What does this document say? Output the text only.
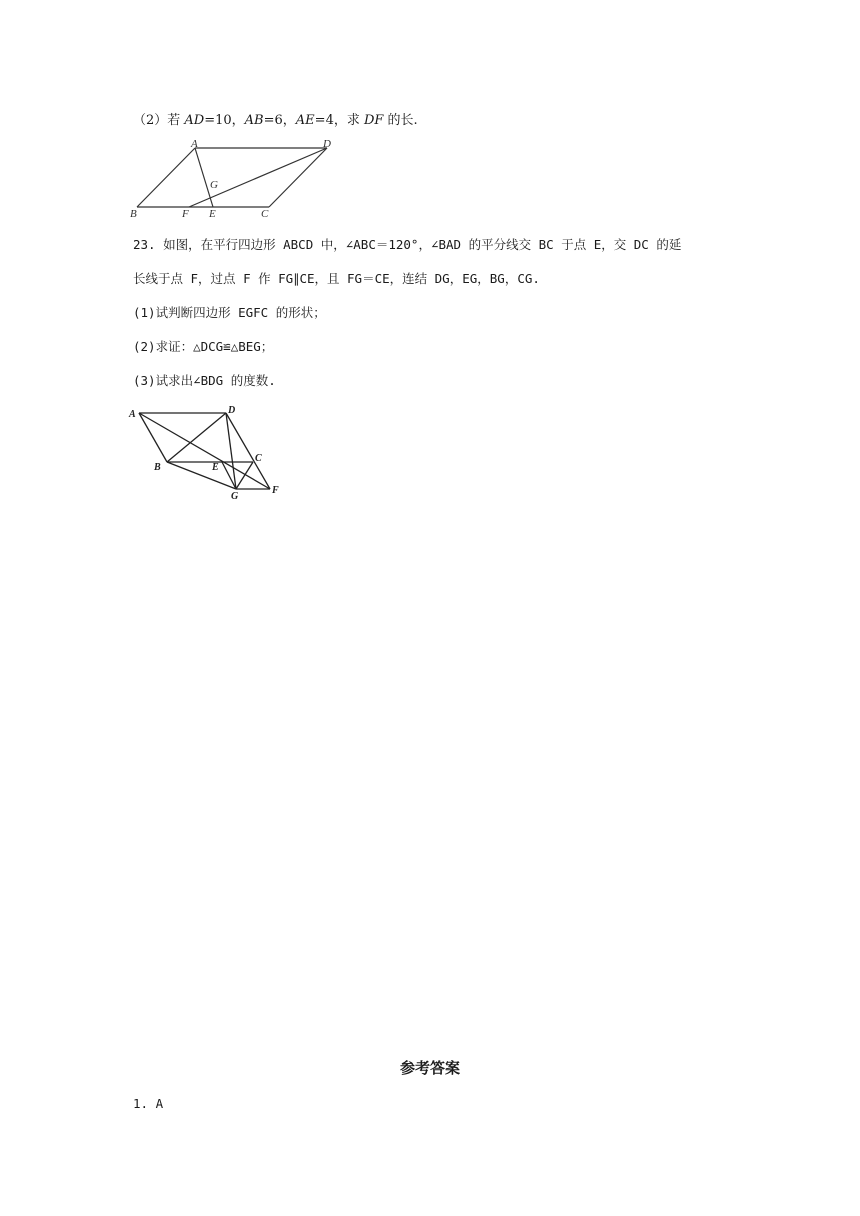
（2）若 AD=10，AB=6，AE=4，求 DF 的长.
A	D
G
B	F E	C
23. 如图，在平行四边形 ABCD 中，∠ABC＝120°，∠BAD 的平分线交 BC 于点 E，交 DC 的延
长线于点 F，过点 F 作 FG∥CE，且 FG＝CE，连结 DG，EG，BG，CG.
(1)试判断四边形 EGFC 的形状；
(2)求证：△DCG≌△BEG；
(3)试求出∠BDG 的度数.
A	D
B	E
C
G
F
参考答案
1. A
